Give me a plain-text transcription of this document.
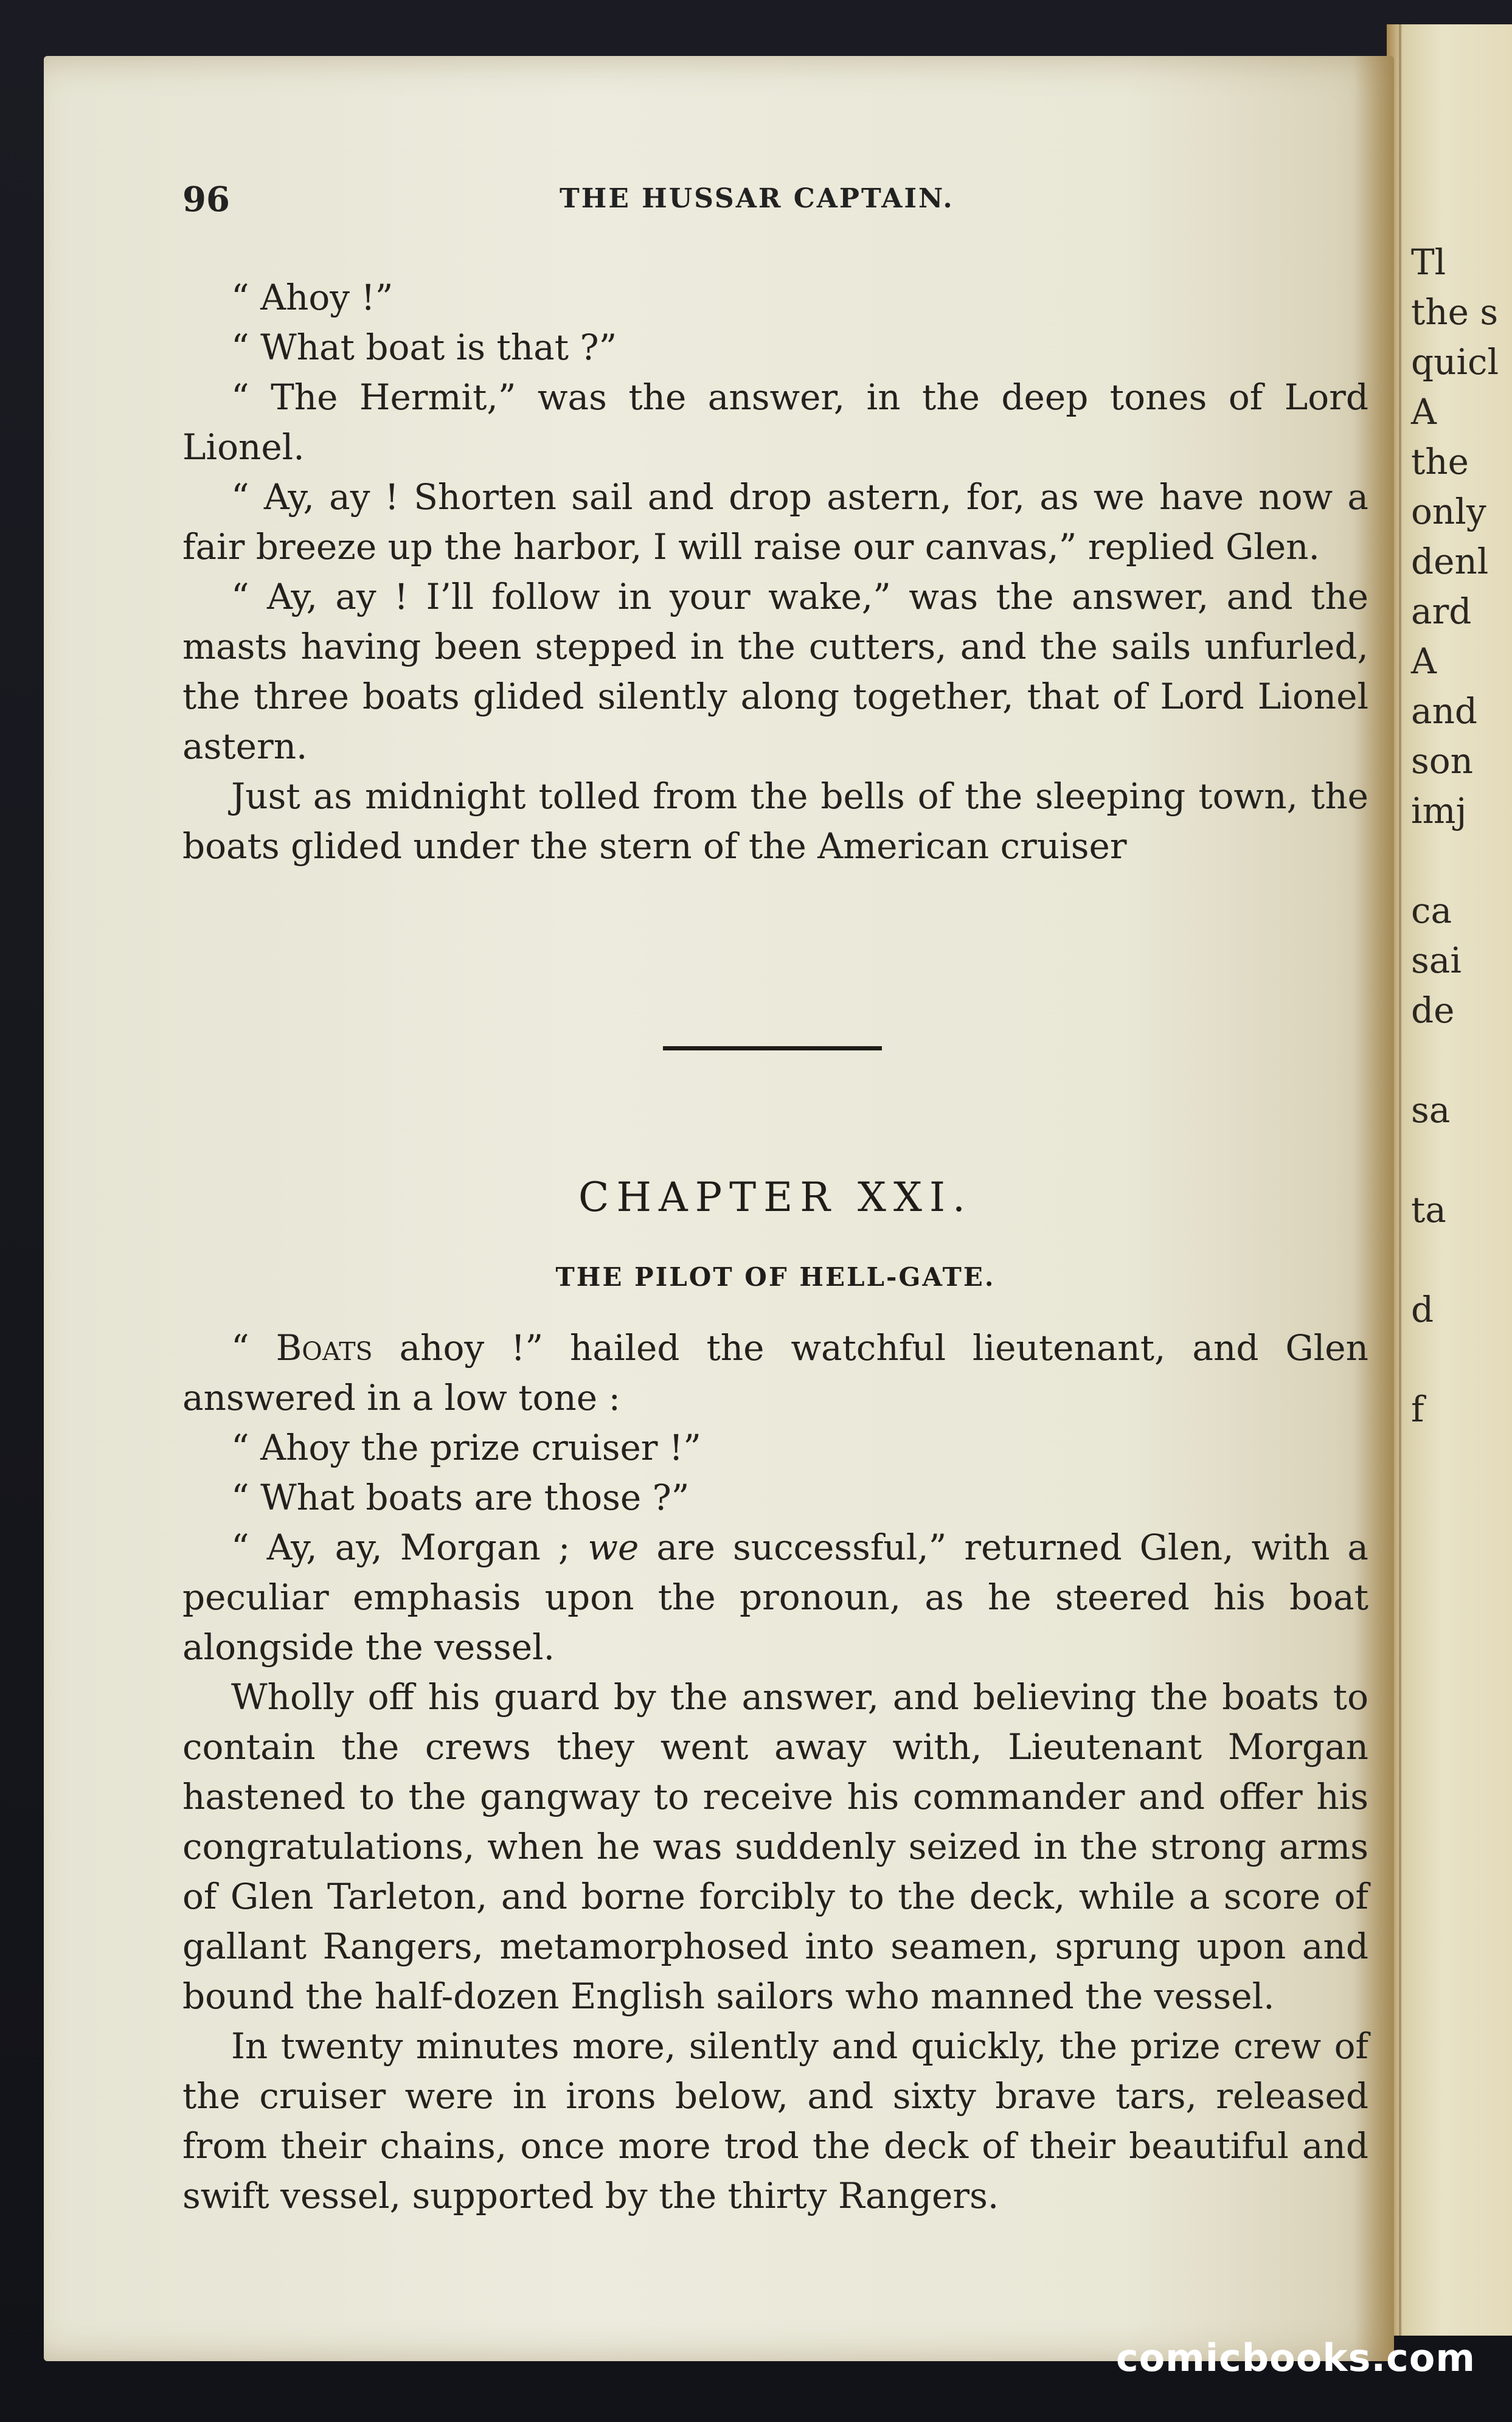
Tl
the s
quicl
A
the
only
denl
ard
A
and
son
imj

ca
sai
de

sa

ta

d

f
96	THE HUSSAR CAPTAIN.

“ Ahoy !”

“ What boat is that ?”

“ The Hermit,” was the answer, in the deep tones of Lord Lionel.

“ Ay, ay ! Shorten sail and drop astern, for, as we have now a fair breeze up the harbor, I will raise our canvas,” replied Glen.

“ Ay, ay ! I’ll follow in your wake,” was the answer, and the masts having been stepped in the cutters, and the sails unfurled, the three boats glided silently along together, that of Lord Lionel astern.

Just as midnight tolled from the bells of the sleeping town, the boats glided under the stern of the American cruiser

CHAPTER XXI.
THE PILOT OF HELL-GATE.

“ Boats ahoy !” hailed the watchful lieutenant, and Glen answered in a low tone :

“ Ahoy the prize cruiser !”

“ What boats are those ?”

“ Ay, ay, Morgan ; we are successful,” returned Glen, with a peculiar emphasis upon the pronoun, as he steered his boat alongside the vessel.

Wholly off his guard by the answer, and believing the boats to contain the crews they went away with, Lieutenant Morgan hastened to the gangway to receive his commander and offer his congratulations, when he was suddenly seized in the strong arms of Glen Tarleton, and borne forcibly to the deck, while a score of gallant Rangers, metamorphosed into seamen, sprung upon and bound the half-dozen English sailors who manned the vessel.

In twenty minutes more, silently and quickly, the prize crew of the cruiser were in irons below, and sixty brave tars, released from their chains, once more trod the deck of their beautiful and swift vessel, supported by the thirty Rangers.

comicbooks.com
